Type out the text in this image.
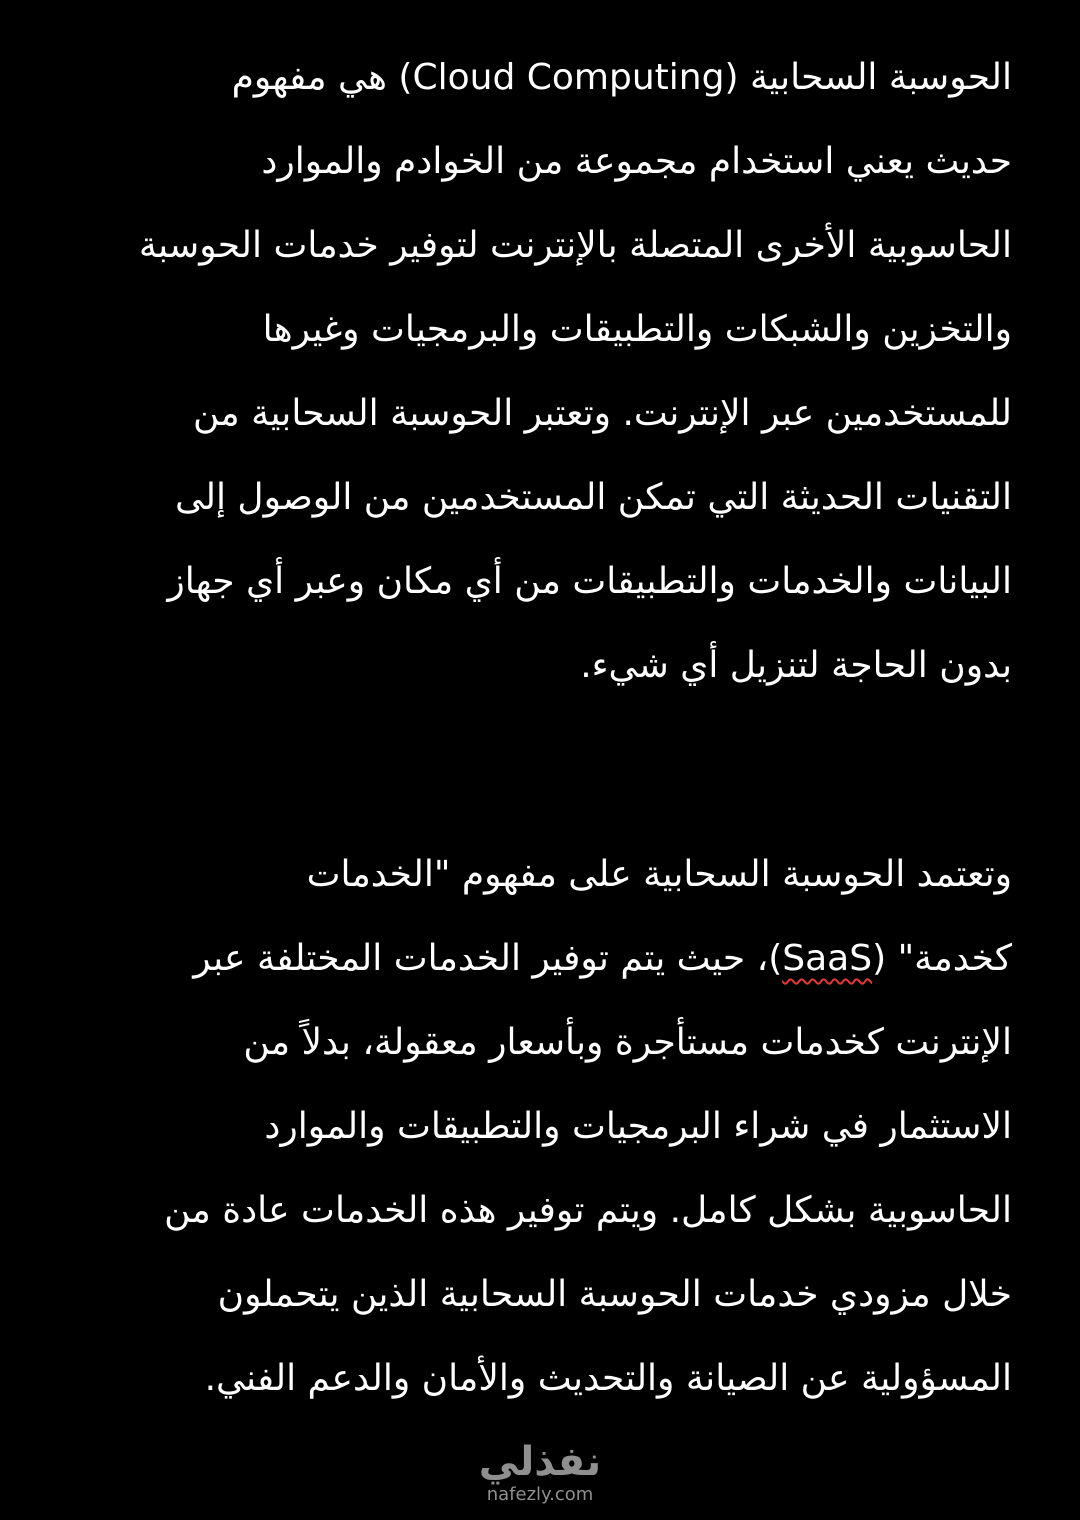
الحوسبة السحابية (Cloud Computing) هي مفهوم
حديث يعني استخدام مجموعة من الخوادم والموارد
الحاسوبية الأخرى المتصلة بالإنترنت لتوفير خدمات الحوسبة
والتخزين والشبكات والتطبيقات والبرمجيات وغيرها
للمستخدمين عبر الإنترنت. وتعتبر الحوسبة السحابية من
التقنيات الحديثة التي تمكن المستخدمين من الوصول إلى
البيانات والخدمات والتطبيقات من أي مكان وعبر أي جهاز
بدون الحاجة لتنزيل أي شيء.
وتعتمد الحوسبة السحابية على مفهوم "الخدمات
كخدمة" (SaaS)، حيث يتم توفير الخدمات المختلفة عبر
الإنترنت كخدمات مستأجرة وبأسعار معقولة، بدلاً من
الاستثمار في شراء البرمجيات والتطبيقات والموارد
الحاسوبية بشكل كامل. ويتم توفير هذه الخدمات عادة من
خلال مزودي خدمات الحوسبة السحابية الذين يتحملون
المسؤولية عن الصيانة والتحديث والأمان والدعم الفني.
نفذلي
nafezly.com
